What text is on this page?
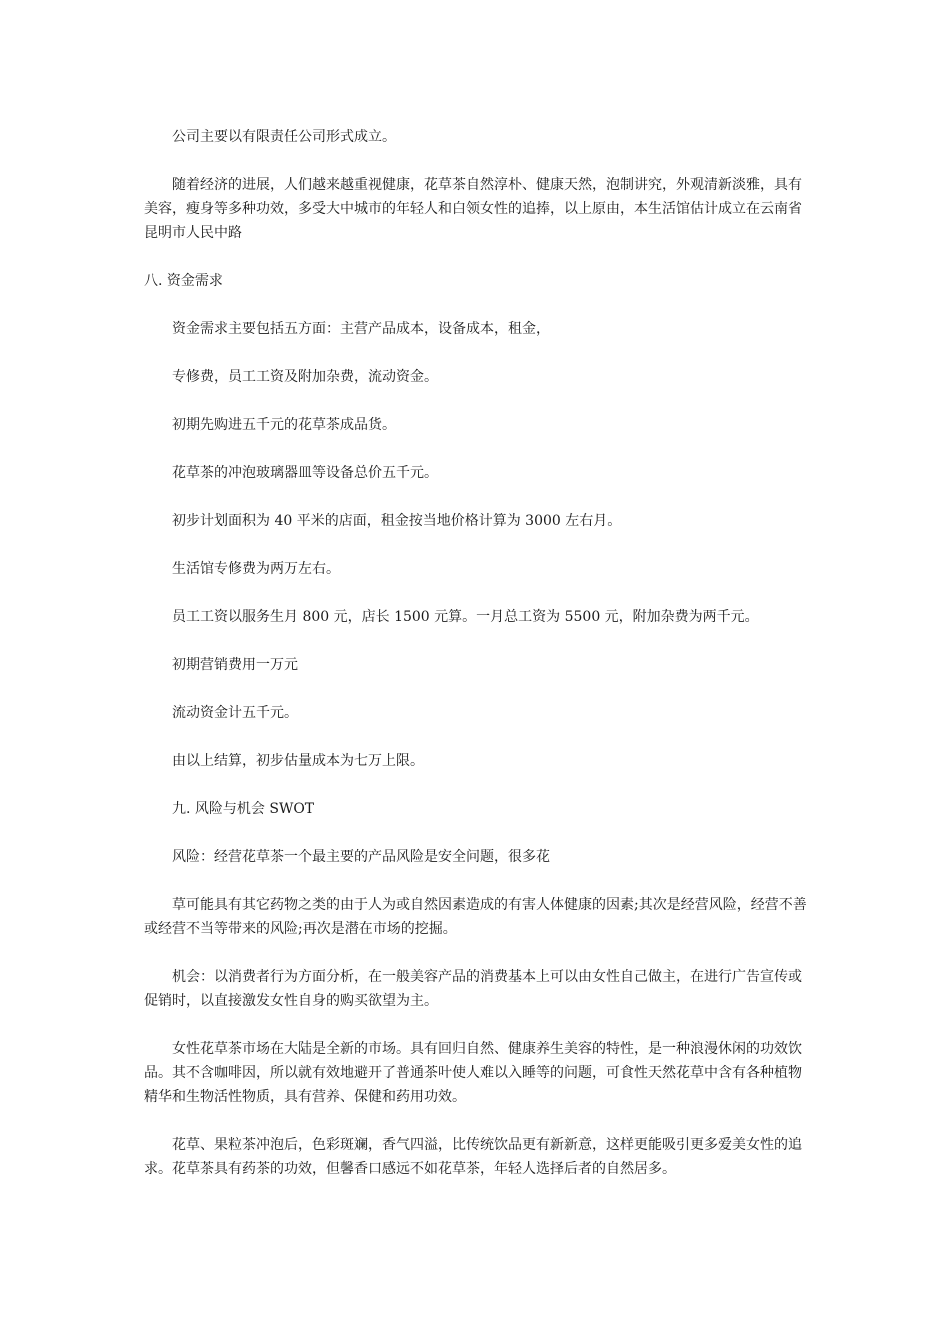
公司主要以有限责任公司形式成立。

随着经济的进展，人们越来越重视健康，花草茶自然淳朴、健康天然，泡制讲究，外观清新淡雅，具有美容，瘦身等多种功效，多受大中城市的年轻人和白领女性的追捧，以上原由，本生活馆估计成立在云南省昆明市人民中路

八. 资金需求

资金需求主要包括五方面：主营产品成本，设备成本，租金，

专修费，员工工资及附加杂费，流动资金。

初期先购进五千元的花草茶成品货。

花草茶的冲泡玻璃器皿等设备总价五千元。

初步计划面积为 40 平米的店面，租金按当地价格计算为 3000 左右月。

生活馆专修费为两万左右。

员工工资以服务生月 800 元，店长 1500 元算。一月总工资为 5500 元，附加杂费为两千元。

初期营销费用一万元

流动资金计五千元。

由以上结算，初步估量成本为七万上限。

九. 风险与机会 SWOT

风险：经营花草茶一个最主要的产品风险是安全问题，很多花

草可能具有其它药物之类的由于人为或自然因素造成的有害人体健康的因素;其次是经营风险，经营不善或经营不当等带来的风险;再次是潜在市场的挖掘。

机会：以消费者行为方面分析，在一般美容产品的消费基本上可以由女性自己做主，在进行广告宣传或促销时，以直接激发女性自身的购买欲望为主。

女性花草茶市场在大陆是全新的市场。具有回归自然、健康养生美容的特性，是一种浪漫休闲的功效饮品。其不含咖啡因，所以就有效地避开了普通茶叶使人难以入睡等的问题，可食性天然花草中含有各种植物精华和生物活性物质，具有营养、保健和药用功效。

花草、果粒茶冲泡后，色彩斑斓，香气四溢，比传统饮品更有新新意，这样更能吸引更多爱美女性的追求。花草茶具有药茶的功效，但馨香口感远不如花草茶，年轻人选择后者的自然居多。
